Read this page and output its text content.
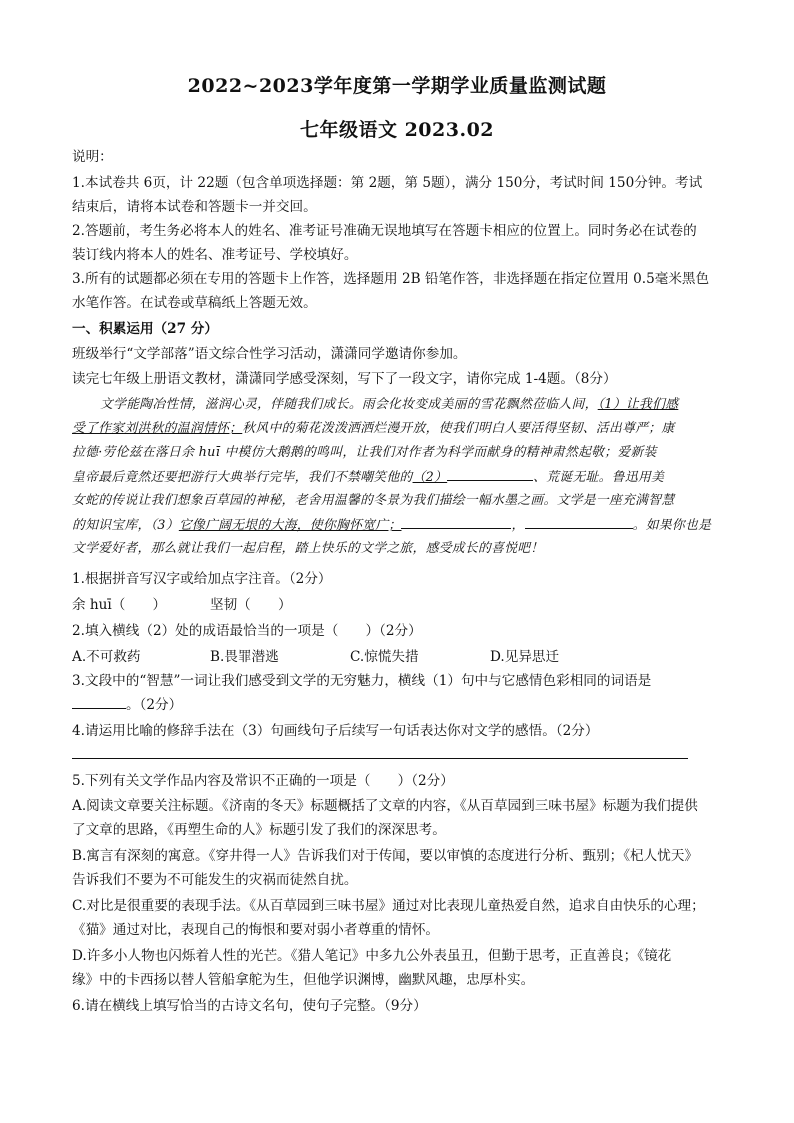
2022~2023学年度第一学期学业质量监测试题
七年级语文 2023.02
说明：
1.本试卷共 6页，计 22题（包含单项选择题：第 2题，第 5题），满分 150分，考试时间 150分钟。考试
结束后，请将本试卷和答题卡一并交回。
2.答题前，考生务必将本人的姓名、准考证号准确无误地填写在答题卡相应的位置上。同时务必在试卷的
装订线内将本人的姓名、准考证号、学校填好。
3.所有的试题都必须在专用的答题卡上作答，选择题用 2B 铅笔作答，非选择题在指定位置用 0.5毫米黑色
水笔作答。在试卷或草稿纸上答题无效。
一、积累运用（27 分）
班级举行“文学部落”语文综合性学习活动，潇潇同学邀请你参加。
读完七年级上册语文教材，潇潇同学感受深刻，写下了一段文字，请你完成 1-4题。（8分）
文学能陶冶性情，滋润心灵，伴随我们成长。雨会化妆变成美丽的雪花飘然莅临人间，（1）让我们感
受了作家刘洪秋的温润情怀；秋风中的菊花泼泼洒洒烂漫开放，使我们明白人要活得坚韧、活出尊严；康
拉德·劳伦兹在落日余 huī 中模仿大鹅鹅的鸣叫，让我们对作者为科学而献身的精神肃然起敬；爱新装
皇帝最后竟然还要把游行大典举行完毕，我们不禁嘲笑他的（2）	、荒诞无耻。鲁迅用美
女蛇的传说让我们想象百草园的神秘，老舍用温馨的冬景为我们描绘一幅水墨之画。文学是一座充满智慧
的知识宝库，（3）它像广阔无垠的大海，使你胸怀宽广；	，	。如果你也是
文学爱好者，那么就让我们一起启程，踏上快乐的文学之旅，感受成长的喜悦吧！
1.根据拼音写汉字或给加点字注音。（2分）
余 huī（　　）	坚韧（　　）
2.填入横线（2）处的成语最恰当的一项是（　　）（2分）
A.不可救药	B.畏罪潜逃	C.惊慌失措	D.见异思迁
3.文段中的“智慧”一词让我们感受到文学的无穷魅力，横线（1）句中与它感情色彩相同的词语是
。（2分）
4.请运用比喻的修辞手法在（3）句画线句子后续写一句话表达你对文学的感悟。（2分）
5.下列有关文学作品内容及常识不正确的一项是（　　）（2分）
A.阅读文章要关注标题。《济南的冬天》标题概括了文章的内容，《从百草园到三味书屋》标题为我们提供
了文章的思路，《再塑生命的人》标题引发了我们的深深思考。
B.寓言有深刻的寓意。《穿井得一人》告诉我们对于传闻，要以审慎的态度进行分析、甄别；《杞人忧天》
告诉我们不要为不可能发生的灾祸而徒然自扰。
C.对比是很重要的表现手法。《从百草园到三味书屋》通过对比表现儿童热爱自然，追求自由快乐的心理；
《猫》通过对比，表现自己的悔恨和要对弱小者尊重的情怀。
D.许多小人物也闪烁着人性的光芒。《猎人笔记》中多九公外表虽丑，但勤于思考，正直善良；《镜花
缘》中的卡西扬以替人管船拿舵为生，但他学识渊博，幽默风趣，忠厚朴实。
6.请在横线上填写恰当的古诗文名句，使句子完整。（9分）
